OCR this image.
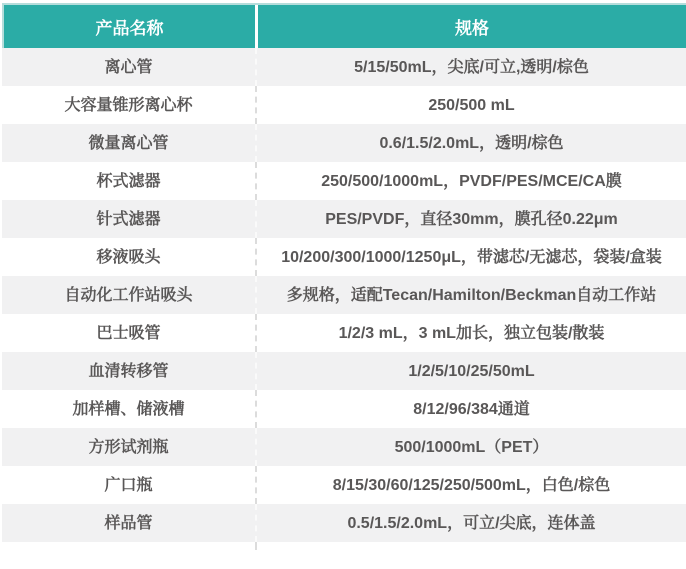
产品名称	规格
离心管	5/15/50mL，尖底/可立,透明/棕色
大容量锥形离心杯	250/500 mL
微量离心管	0.6/1.5/2.0mL，透明/棕色
杯式滤器	250/500/1000mL，PVDF/PES/MCE/CA膜
针式滤器	PES/PVDF，直径30mm，膜孔径0.22μm
移液吸头	10/200/300/1000/1250μL，带滤芯/无滤芯，袋装/盒装
自动化工作站吸头	多规格，适配Tecan/Hamilton/Beckman自动工作站
巴士吸管	1/2/3 mL，3 mL加长，独立包装/散装
血清转移管	1/2/5/10/25/50mL
加样槽、储液槽	8/12/96/384通道
方形试剂瓶	500/1000mL（PET）
广口瓶	8/15/30/60/125/250/500mL，白色/棕色
样品管	0.5/1.5/2.0mL，可立/尖底，连体盖
